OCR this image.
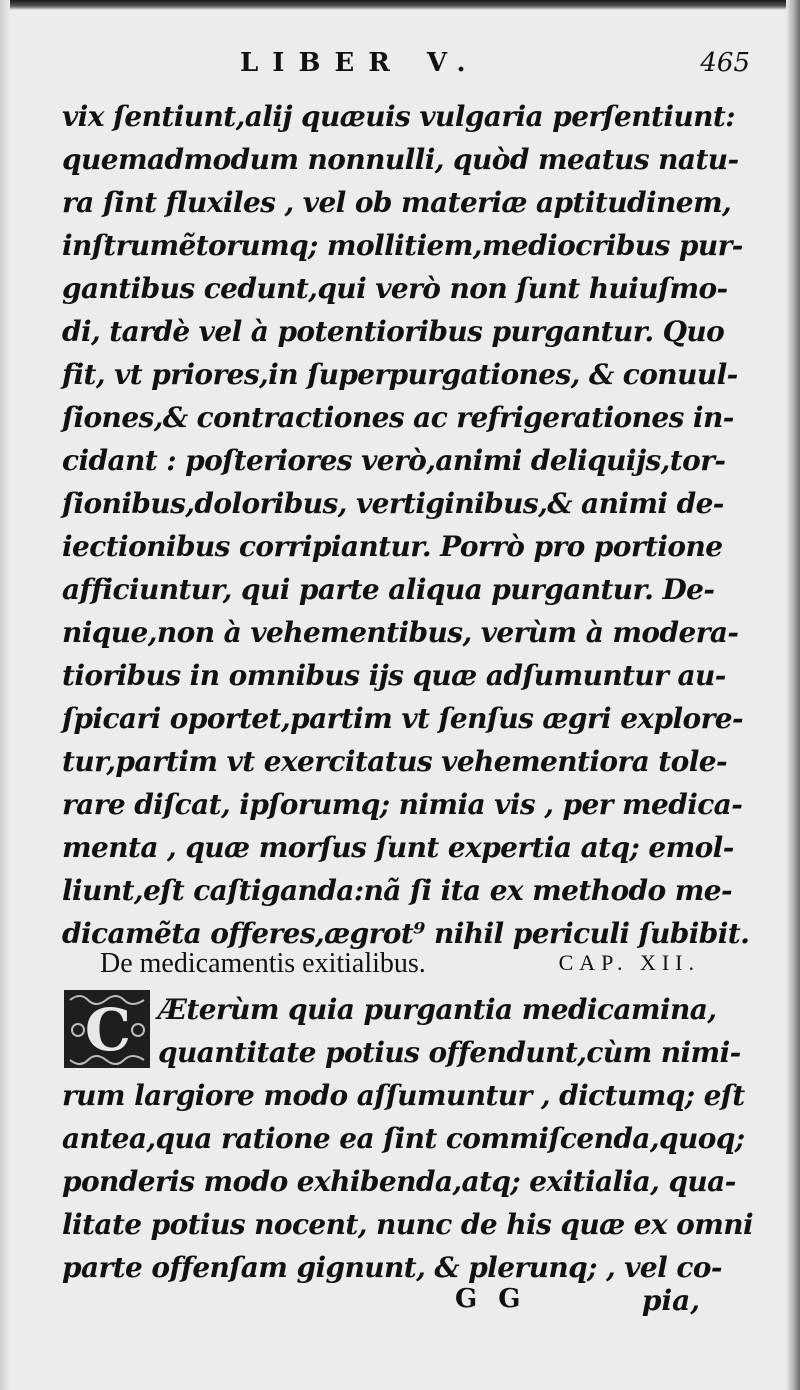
LIBER V.	465
vix ſentiunt,alij quæuis vulgaria perſentiunt:
quemadmodum nonnulli, quòd meatus natu-
ra ſint fluxiles , vel ob materiæ aptitudinem,
inſtrumẽtorumq; mollitiem,mediocribus pur-
gantibus cedunt,qui verò non ſunt huiuſmo-
di, tardè vel à potentioribus purgantur. Quo
fit, vt priores,in ſuperpurgationes, & conuul-
ſiones,& contractiones ac refrigerationes in-
cidant : poſteriores verò,animi deliquijs,tor-
ſionibus,doloribus, vertiginibus,& animi de-
iectionibus corripiantur. Porrò pro portione
afficiuntur, qui parte aliqua purgantur. De-
nique,non à vehementibus, verùm à modera-
tioribus in omnibus ijs quæ adſumuntur au-
ſpicari oportet,partim vt ſenſus ægri explore-
tur,partim vt exercitatus vehementiora tole-
rare diſcat, ipſorumq; nimia vis , per medica-
menta , quæ morſus ſunt expertia atq; emol-
liunt,eſt caſtiganda:nã ſi ita ex methodo me-
dicamẽta offeres,ægrot⁹ nihil periculi ſubibit.
De medicamentis exitialibus.	CAP. XII.
C Æterùm quia purgantia medicamina,
quantitate potius offendunt,cùm nimi-
rum largiore modo aſſumuntur , dictumq; eſt
antea,qua ratione ea ſint commiſcenda,quoq;
ponderis modo exhibenda,atq; exitialia, qua-
litate potius nocent, nunc de his quæ ex omni
parte offenſam gignunt, & plerunq; , vel co-
G G	pia,
